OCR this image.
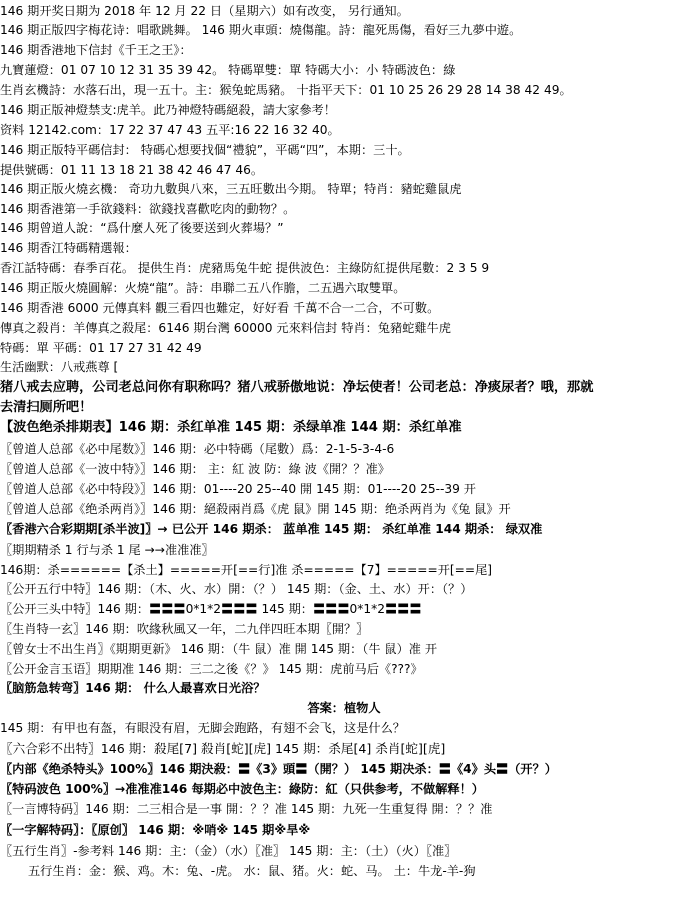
146 期开奖日期为 2018 年 12 月 22 日（星期六）如有改变， 另行通知。
146 期正版四字梅花诗：唱歌跳舞。 146 期火車頭：燒傷龍。詩：龍死馬傷，看好三九夢中遊。
146 期香港地下信封《千王之王》：
九寶蓮燈：01 07 10 12 31 35 39 42。 特碼單雙：單 特碼大小：小 特碼波色：綠
生肖玄機詩：水落石出，現一五十。主：猴兔蛇馬豬。 十指平天下：01 10 25 26 29 28 14 38 42 49。
146 期正版神燈禁支:虎羊。此乃神燈特碼絕殺，請大家參考！
资料 12142.com：17 22 37 47 43 五平:16 22 16 32 40。
146 期正版特平碼信封： 特碼心想要找個“禮貌”，平碼“四”，本期：三十。
提供號碼：01 11 13 18 21 38 42 46 47 46。
146 期正版火燒玄機： 奇功九數與八來，三五旺數出今期。 特單；特肖：豬蛇雞鼠虎
146 期香港第一手欲錢料：欲錢找喜歡吃肉的動物？。
146 期曾道人說：“爲什麼人死了後要送到火葬場？”
146 期香江特碼精選報：
香江話特碼：春季百花。 提供生肖：虎豬馬兔牛蛇 提供波色：主綠防紅提供尾數：2 3 5 9
146 期正版火燒圓解：火燒“龍”。詩：串聯二五八作膽，二五遇六取雙單。
146 期香港 6000 元傳真料 觀三看四也難定，好好看 千萬不合一二合，不可數。
傳真之殺肖：羊傳真之殺尾：6146 期台灣 60000 元來料信封 特肖：兔豬蛇雞牛虎
特碼：單 平碼：01 17 27 31 42 49
生活幽默：八戒燕尊 [
猪八戒去应聘，公司老总问你有职称吗？猪八戒骄傲地说：净坛使者！公司老总：净痰尿者？哦，那就
去清扫厕所吧！
【波色绝杀排期表】146 期：杀红单准 145 期：杀绿单准 144 期：杀红单准
〖曾道人总部《必中尾数》〗146 期：必中特碼（尾數）爲：2-1-5-3-4-6
〖曾道人总部《一波中特》〗146 期： 主：紅 波 防：綠 波《開？？准》
〖曾道人总部《必中特段》〗146 期：01----20 25--40 開 145 期：01----20 25--39 开
〖曾道人总部《绝杀两肖》〗146 期：絕殺兩肖爲《虎 鼠》開 145 期：绝杀两肖为《兔 鼠》开
〖香港六合彩期期[杀半波]〗→ 已公开 146 期杀： 蓝单准 145 期： 杀红单准 144 期杀： 绿双准
〖期期精杀 1 行与杀 1 尾 →→准准准〗
146期：杀======【杀土】=====开[==行]准 杀=====【7】=====开[==尾]
〖公开五行中特〗146 期：（木、火、水）開：（？） 145 期：（金、土、水）开：（？）
〖公开三头中特〗146 期：〓〓〓0*1*2〓〓〓 145 期：〓〓〓0*1*2〓〓〓
〖生肖特一玄〗146 期：吹緣秋風又一年，二九伴四旺本期〖開？〗
〖曾女士不出生肖〗《期期更新》 146 期：（牛 鼠）准 開 145 期：（牛 鼠）准 开
〖公开金言玉语〗期期准 146 期：三二之後《？》 145 期：虎前马后《???》
〖脑筋急转弯〗146 期： 什么人最喜欢日光浴？
答案：植物人
145 期：有甲也有盔，有眼没有眉，无脚会跑路，有翅不会飞，这是什么？
〖六合彩不出特〗146 期：殺尾[7] 殺肖[蛇][虎] 145 期：杀尾[4] 杀肖[蛇][虎]
〖内部《绝杀特头》100%〗146 期決殺：〓《3》頭〓（開？） 145 期决杀：〓《4》头〓（开？）
〖特码波色 100%〗→准准准146 每期必中波色主：綠防：紅（只供参考，不做解释！）
〖一言博特码〗146 期：二三相合是一事 開：？？准 145 期：九死一生重复得 開：？？准
〖一字解特码〗：〖原创〗 146 期：※哨※ 145 期※旱※
〖五行生肖〗-参考料 146 期：主：（金）（水）〖准〗 145 期：主：（土）（火）〖准〗
五行生肖：金：猴、鸡。木：兔、-虎。 水：鼠、猪。火：蛇、马。 土：牛龙-羊-狗
